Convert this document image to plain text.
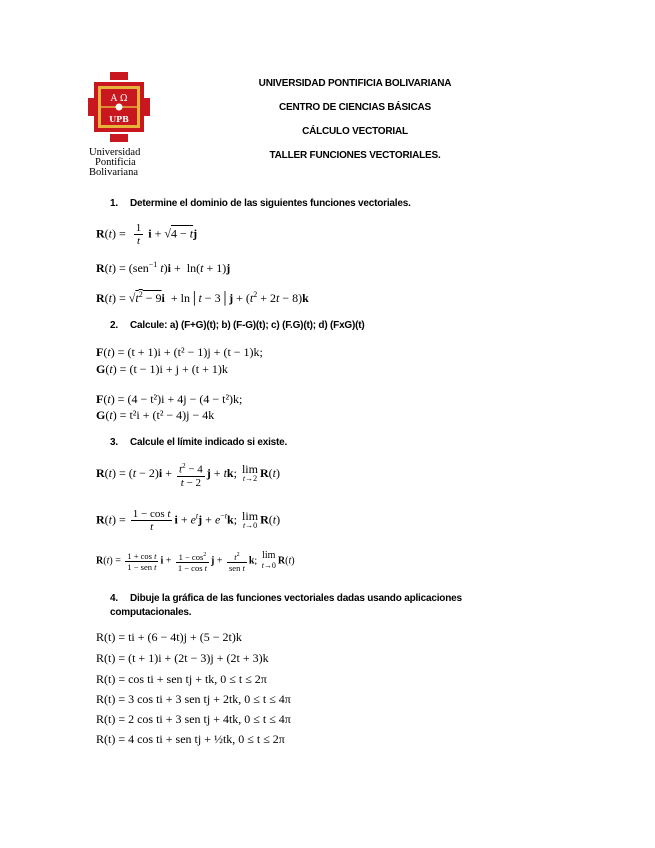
A Ω
UPB
Universidad
Pontificia
Bolivariana
UNIVERSIDAD PONTIFICIA BOLIVARIANA
CENTRO DE CIENCIAS BÁSICAS
CÁLCULO VECTORIAL
TALLER FUNCIONES VECTORIALES.
1. Determine el dominio de las siguientes funciones vectoriales.
$R(t) = \frac{1}{t}$ i + √4 − tj
R(t) = (sen$^{-1}$ t)i +  ln(t + 1)j
$R(t) = √t^2 - 9i$  + ln│t − 3│j + $(t^2 + 2t - 8)k$
2. Calcule: a) (F+G)(t); b) (F-G)(t); c) (F.G)(t); d) (FxG)(t)
F(t) = (t + 1)i + (t² − 1)j + (t − 1)k;
G(t) = (t − 1)i + j + (t + 1)k
F(t) = (4 − t²)i + 4j − (4 − t²)k;
G(t) = t²i + (t² − 4)j − 4k
3. Calcule el límite indicado si existe.
$R(t) = (t - 2)i + \frac{t^2 - 4}{t - 2}$ j + tk; lim
t→2 R(t)
$R(t) = \frac{\text{1 − cos t}}{t}$ $i + e^tj + e^{-t}k$; lim
t→0 R(t)
$R(t) = \frac{\text{1 + cos t}}{\text{1 − sen t}}$ $i + \frac{1 - \cos^2}{\text{1 − cos t}}$ $j + \frac{t^2}{\text{sen t}} k$; lim
t→0 R(t)
4. Dibuje la gráfica de las funciones vectoriales dadas usando aplicaciones computacionales.
R(t) = ti + (6 − 4t)j + (5 − 2t)k
R(t) = (t + 1)i + (2t − 3)j + (2t + 3)k
R(t) = cos ti + sen tj + tk, 0 ≤ t ≤ 2π
R(t) = 3 cos ti + 3 sen tj + 2tk, 0 ≤ t ≤ 4π
R(t) = 2 cos ti + 3 sen tj + 4tk, 0 ≤ t ≤ 4π
R(t) = 4 cos ti + sen tj + ½tk, 0 ≤ t ≤ 2π
